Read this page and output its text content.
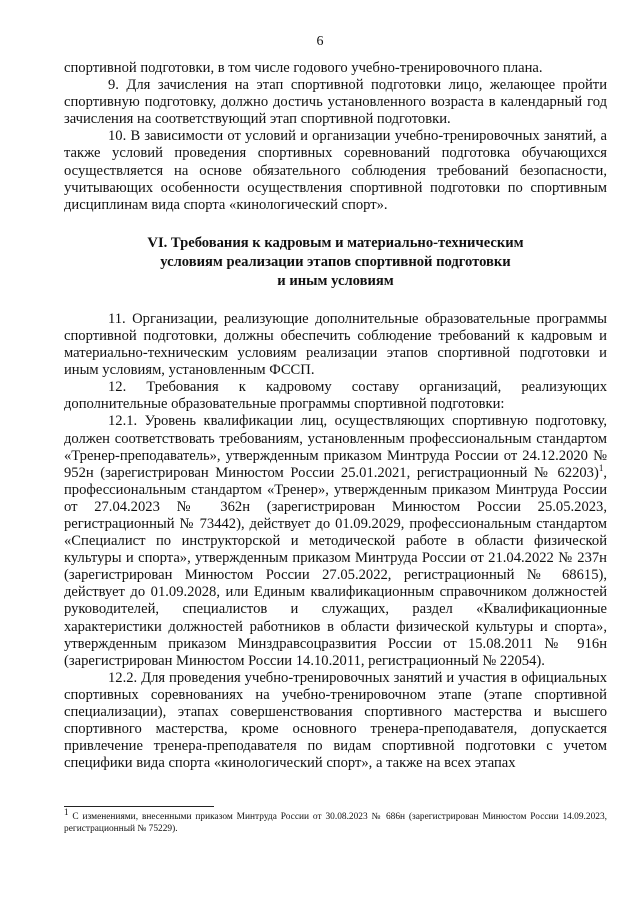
6

спортивной подготовки, в том числе годового учебно-тренировочного плана.

9. Для зачисления на этап спортивной подготовки лицо, желающее пройти спортивную подготовку, должно достичь установленного возраста в календарный год зачисления на соответствующий этап спортивной подготовки.

10. В зависимости от условий и организации учебно-тренировочных занятий, а также условий проведения спортивных соревнований подготовка обучающихся осуществляется на основе обязательного соблюдения требований безопасности, учитывающих особенности осуществления спортивной подготовки по спортивным дисциплинам вида спорта «кинологический спорт».

VI. Требования к кадровым и материально-техническим
условиям реализации этапов спортивной подготовки
и иным условиям

11. Организации, реализующие дополнительные образовательные программы спортивной подготовки, должны обеспечить соблюдение требований к кадровым и материально-техническим условиям реализации этапов спортивной подготовки и иным условиям, установленным ФССП.

12. Требования к кадровому составу организаций, реализующих дополнительные образовательные программы спортивной подготовки:

12.1. Уровень квалификации лиц, осуществляющих спортивную подготовку, должен соответствовать требованиям, установленным профессиональным стандартом «Тренер-преподаватель», утвержденным приказом Минтруда России от 24.12.2020 № 952н (зарегистрирован Минюстом России 25.01.2021, регистрационный № 62203)$^1$, профессиональным стандартом «Тренер», утвержденным приказом Минтруда России от 27.04.2023 № 362н (зарегистрирован Минюстом России 25.05.2023, регистрационный № 73442), действует до 01.09.2029, профессиональным стандартом «Специалист по инструкторской и методической работе в области физической культуры и спорта», утвержденным приказом Минтруда России от 21.04.2022 № 237н (зарегистрирован Минюстом России 27.05.2022, регистрационный № 68615), действует до 01.09.2028, или Единым квалификационным справочником должностей руководителей, специалистов и служащих, раздел «Квалификационные характеристики должностей работников в области физической культуры и спорта», утвержденным приказом Минздравсоцразвития России от 15.08.2011 № 916н (зарегистрирован Минюстом России 14.10.2011, регистрационный № 22054).

12.2. Для проведения учебно-тренировочных занятий и участия в официальных спортивных соревнованиях на учебно-тренировочном этапе (этапе спортивной специализации), этапах совершенствования спортивного мастерства и высшего спортивного мастерства, кроме основного тренера-преподавателя, допускается привлечение тренера-преподавателя по видам спортивной подготовки с учетом специфики вида спорта «кинологический спорт», а также на всех этапах

$^1$ С изменениями, внесенными приказом Минтруда России от 30.08.2023 № 686н (зарегистрирован Минюстом России 14.09.2023, регистрационный № 75229).
